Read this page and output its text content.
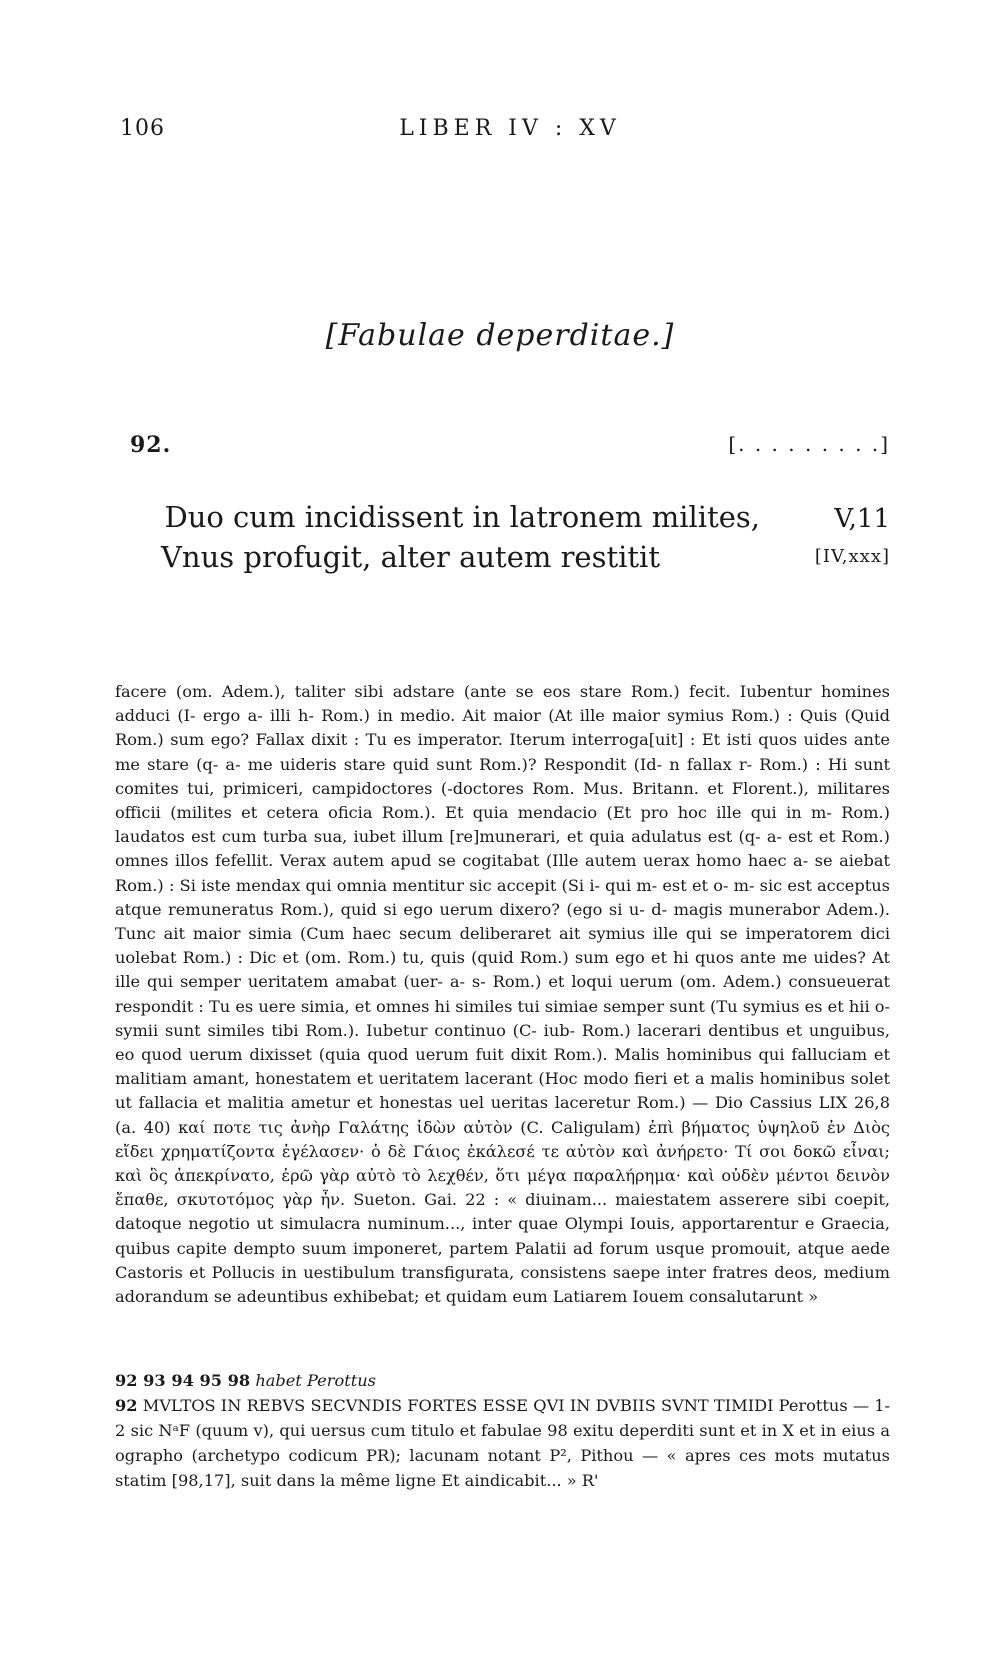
106	LIBER IV : XV
[Fabulae deperditae.]
92.	[. . . . . . . . .]
Duo cum incidissent in latronem milites,
Vnus profugit, alter autem restitit
V,11
[IV,xxx]

facere (om. Adem.), taliter sibi adstare (ante se eos stare Rom.) fecit. Iubentur homines adduci (I- ergo a- illi h- Rom.) in medio. Ait maior (At ille maior symius Rom.) : Quis (Quid Rom.) sum ego? Fallax dixit : Tu es imperator. Iterum interroga[uit] : Et isti quos uides ante me stare (q- a- me uideris stare quid sunt Rom.)? Respondit (Id- n fallax r- Rom.) : Hi sunt comites tui, primiceri, campidoctores (-doctores Rom. Mus. Britann. et Florent.), militares officii (milites et cetera oficia Rom.). Et quia mendacio (Et pro hoc ille qui in m- Rom.) laudatos est cum turba sua, iubet illum [re]munerari, et quia adulatus est (q- a- est et Rom.) omnes illos fefellit. Verax autem apud se cogitabat (Ille autem uerax homo haec a- se aiebat Rom.) : Si iste mendax qui omnia mentitur sic accepit (Si i- qui m- est et o- m- sic est acceptus atque remuneratus Rom.), quid si ego uerum dixero? (ego si u- d- magis munerabor Adem.). Tunc ait maior simia (Cum haec secum deliberaret ait symius ille qui se imperatorem dici uolebat Rom.) : Dic et (om. Rom.) tu, quis (quid Rom.) sum ego et hi quos ante me uides? At ille qui semper ueritatem amabat (uer- a- s- Rom.) et loqui uerum (om. Adem.) consueuerat respondit : Tu es uere simia, et omnes hi similes tui simiae semper sunt (Tu symius es et hii o- symii sunt similes tibi Rom.). Iubetur continuo (C- iub- Rom.) lacerari dentibus et unguibus, eo quod uerum dixisset (quia quod uerum fuit dixit Rom.). Malis hominibus qui falluciam et malitiam amant, honestatem et ueritatem lacerant (Hoc modo fieri et a malis hominibus solet ut fallacia et malitia ametur et honestas uel ueritas laceretur Rom.) — Dio Cassius LIX 26,8 (a. 40) καί ποτε τις ἀνὴρ Γαλάτης ἰδὼν αὐτὸν (C. Caligulam) ἐπὶ βήματος ὑψηλοῦ ἐν Διὸς εἴδει χρηματίζοντα ἐγέλασεν· ὁ δὲ Γάιος ἐκάλεσέ τε αὐτὸν καὶ ἀνήρετο· Τί σοι δοκῶ εἶναι; καὶ ὃς ἀπεκρίνατο, ἐρῶ γὰρ αὐτὸ τὸ λεχθέν, ὅτι μέγα παραλήρημα· καὶ οὐδὲν μέντοι δεινὸν ἔπαθε, σκυτοτόμος γὰρ ἦν. Sueton. Gai. 22 : « diuinam... maiestatem asserere sibi coepit, datoque negotio ut simulacra numinum..., inter quae Olympi Iouis, apportarentur e Graecia, quibus capite dempto suum imponeret, partem Palatii ad forum usque promouit, atque aede Castoris et Pollucis in uestibulum transfigurata, consistens saepe inter fratres deos, medium adorandum se adeuntibus exhibebat; et quidam eum Latiarem Iouem consalutarunt »

92 93 94 95 98 habet Perottus

92 MVLTOS IN REBVS SECVNDIS FORTES ESSE QVI IN DVBIIS SVNT TIMIDI Perottus — 1-2 sic NᵃF (quum v), qui uersus cum titulo et fabulae 98 exitu deperditi sunt et in X et in eius a ographo (archetypo codicum PR); lacunam notant P², Pithou — « apres ces mots mutatus statim [98,17], suit dans la même ligne Et aindicabit... » R'
